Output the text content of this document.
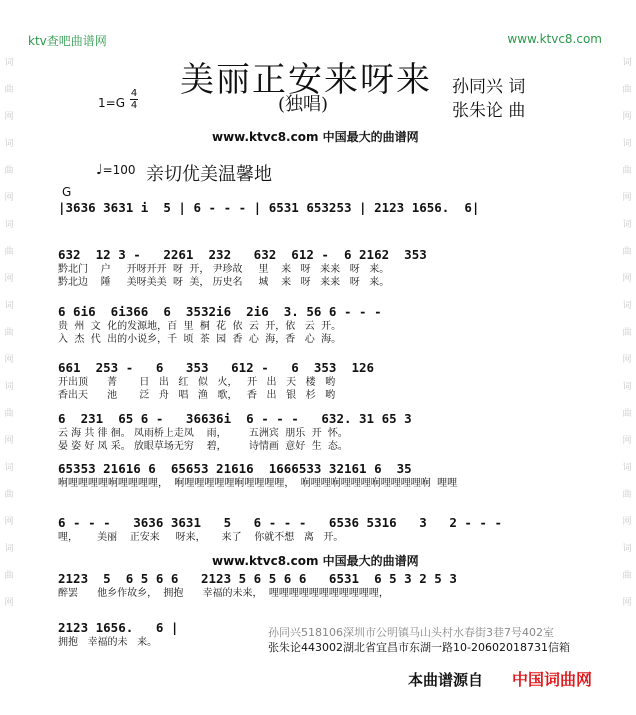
词
曲
网
词
曲
网
词
曲
网
词
曲
网
词
曲
网
词
曲
网
词
曲
网
词
曲
网
词
曲
网
词
曲
网
词
曲
网
词
曲
网
词
曲
网
词
曲
网
ktv查吧曲谱网	www.ktvc8.com
美丽正安来呀来
(独唱)
孙同兴 词
张朱论 曲
1=G
4
4
www.ktvc8.com 中国最大的曲谱网
♩=100 亲切优美温馨地
G
|3636 3631 i  5 | 6 - - - | 6531 653253 | 2123 1656.  6|
632  12 3 -   2261  232   632  612 -  6 2162  353
黔北门    户     开呀开开  呀  开， 尹珍故     里    来   呀   来来   呀   来。
黔北边    陲     美呀美美  呀  美， 历史名     城    来   呀   来来   呀   来。
6 6i6  6i366  6  3532i6  2i6  3. 56 6 - - -
贵  州  文  化的发源地，百  里  桐  花  依  云  开，依   云  开。
入  杰  代  出的小说乡，千  顷  茶  园  香  心  海，香   心  海。
661  253 -   6   353   612 -   6  353  126
开出顶      菁       日   出   红   似   火，   开   出   天   楼   哟
香出天      池       泛   舟   唱   渔   歌，   香   出   银   杉   哟
6  231  65 6 -   36636i  6 - - -   632. 31 65 3
云 海 共 徘 徊。 凤雨桥上走凤    雨，       五洲宾  朋乐  开  怀。
晏 姿 好 凤 采。 放眼草场无穷    碧，       诗情画  意好  生  态。
65353 21616 6  65653 21616  1666533 32161 6  35
哬哩哩哩哩哬哩哩哩哩，  哬哩哩哩哩哩哬哩哩哩哩，  哬哩哩哬哩哩哩哬哩哩哩哩哬  哩哩
6 - - -   3636 3631   5   6 - - -   6536 5316   3   2 - - -
哩，      美丽    正安来     呀来，     来了    你就不想   离   开。
www.ktvc8.com 中国最大的曲谱网
2123  5  6 5 6 6   2123 5 6 5 6 6   6531  6 5 3 2 5 3
醉罢      他乡作故乡，  拥抱      幸福的未来，  哩哩哩哩哩哩哩哩哩哩哩，
2123 1656.   6 |
拥抱   幸福的未   来。
孙同兴518106深圳市公明镇马山头村水春街3巷7号402室
张朱论443002湖北省宜昌市东湖一路10-20602018731信箱
本曲谱源自 中国词曲网
